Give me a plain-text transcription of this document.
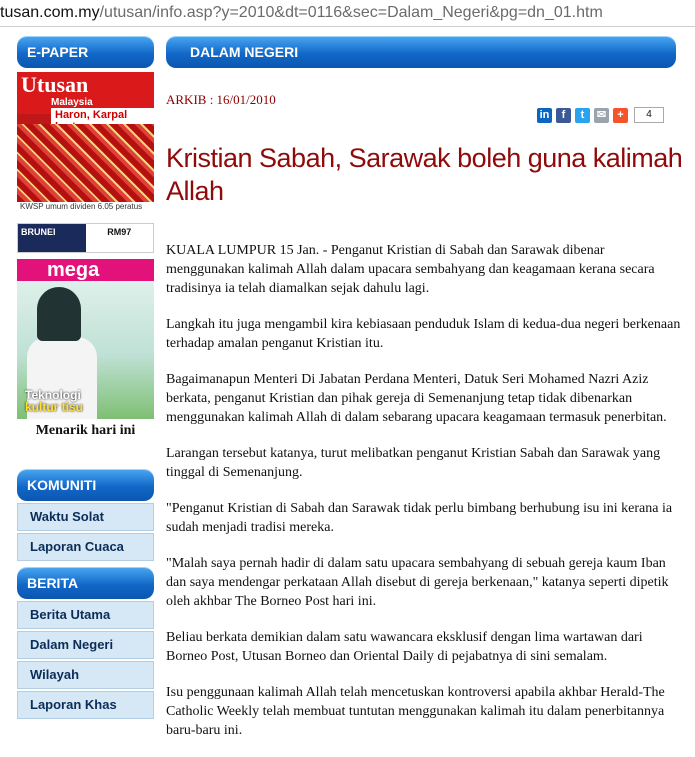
tusan.com.my/utusan/info.asp?y=2010&dt=0116&sec=Dalam_Negeri&pg=dn_01.htm
E-PAPER
Utusan
Malaysia
Haron, Karpal
KWSP umum dividen 6.05 peratus
BRUNEI	RM97
mega
Teknologi
kultur tisu
Menarik hari ini
KOMUNITI
Waktu Solat
Laporan Cuaca
BERITA
Berita Utama
Dalam Negeri
Wilayah
Laporan Khas
DALAM NEGERI
ARKIB : 16/01/2010
in	f	t	✉	+	4
Kristian Sabah, Sarawak boleh guna kalimah Allah

KUALA LUMPUR 15 Jan. - Penganut Kristian di Sabah dan Sarawak dibenar menggunakan kalimah Allah dalam upacara sembahyang dan keagamaan kerana secara tradisinya ia telah diamalkan sejak dahulu lagi.

Langkah itu juga mengambil kira kebiasaan penduduk Islam di kedua-dua negeri berkenaan terhadap amalan penganut Kristian itu.

Bagaimanapun Menteri Di Jabatan Perdana Menteri, Datuk Seri Mohamed Nazri Aziz berkata, penganut Kristian dan pihak gereja di Semenanjung tetap tidak dibenarkan menggunakan kalimah Allah di dalam sebarang upacara keagamaan termasuk penerbitan.

Larangan tersebut katanya, turut melibatkan penganut Kristian Sabah dan Sarawak yang tinggal di Semenanjung.

"Penganut Kristian di Sabah dan Sarawak tidak perlu bimbang berhubung isu ini kerana ia sudah menjadi tradisi mereka.

"Malah saya pernah hadir di dalam satu upacara sembahyang di sebuah gereja kaum Iban dan saya mendengar perkataan Allah disebut di gereja berkenaan," katanya seperti dipetik oleh akhbar The Borneo Post hari ini.

Beliau berkata demikian dalam satu wawancara eksklusif dengan lima wartawan dari Borneo Post, Utusan Borneo dan Oriental Daily di pejabatnya di sini semalam.

Isu penggunaan kalimah Allah telah mencetuskan kontroversi apabila akhbar Herald-The Catholic Weekly telah membuat tuntutan menggunakan kalimah itu dalam penerbitannya baru-baru ini.
